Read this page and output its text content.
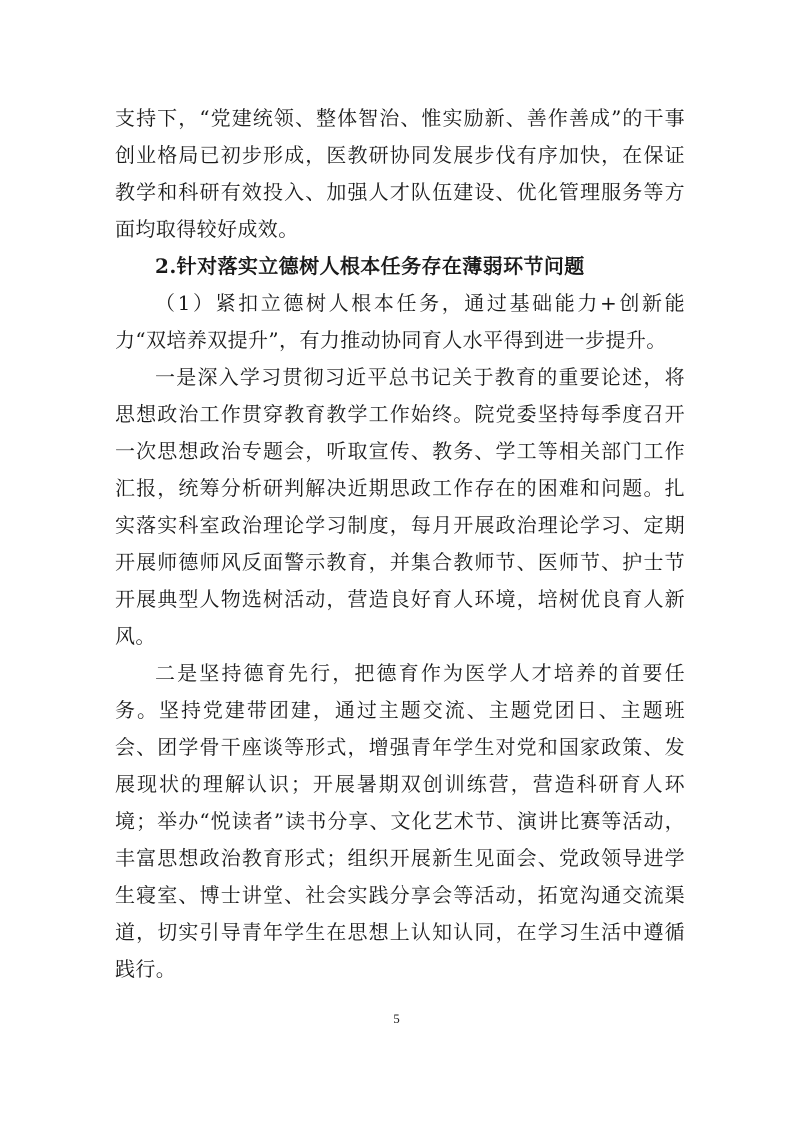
支持下，“党建统领、整体智治、惟实励新、善作善成”的干事创业格局已初步形成，医教研协同发展步伐有序加快，在保证教学和科研有效投入、加强人才队伍建设、优化管理服务等方面均取得较好成效。

2.针对落实立德树人根本任务存在薄弱环节问题

（1）紧扣立德树人根本任务，通过基础能力+创新能力“双培养双提升”，有力推动协同育人水平得到进一步提升。

一是深入学习贯彻习近平总书记关于教育的重要论述，将思想政治工作贯穿教育教学工作始终。院党委坚持每季度召开一次思想政治专题会，听取宣传、教务、学工等相关部门工作汇报，统筹分析研判解决近期思政工作存在的困难和问题。扎实落实科室政治理论学习制度，每月开展政治理论学习、定期开展师德师风反面警示教育，并集合教师节、医师节、护士节开展典型人物选树活动，营造良好育人环境，培树优良育人新风。

二是坚持德育先行，把德育作为医学人才培养的首要任务。坚持党建带团建，通过主题交流、主题党团日、主题班会、团学骨干座谈等形式，增强青年学生对党和国家政策、发展现状的理解认识；开展暑期双创训练营，营造科研育人环境；举办“悦读者”读书分享、文化艺术节、演讲比赛等活动，丰富思想政治教育形式；组织开展新生见面会、党政领导进学生寝室、博士讲堂、社会实践分享会等活动，拓宽沟通交流渠道，切实引导青年学生在思想上认知认同，在学习生活中遵循践行。

5
